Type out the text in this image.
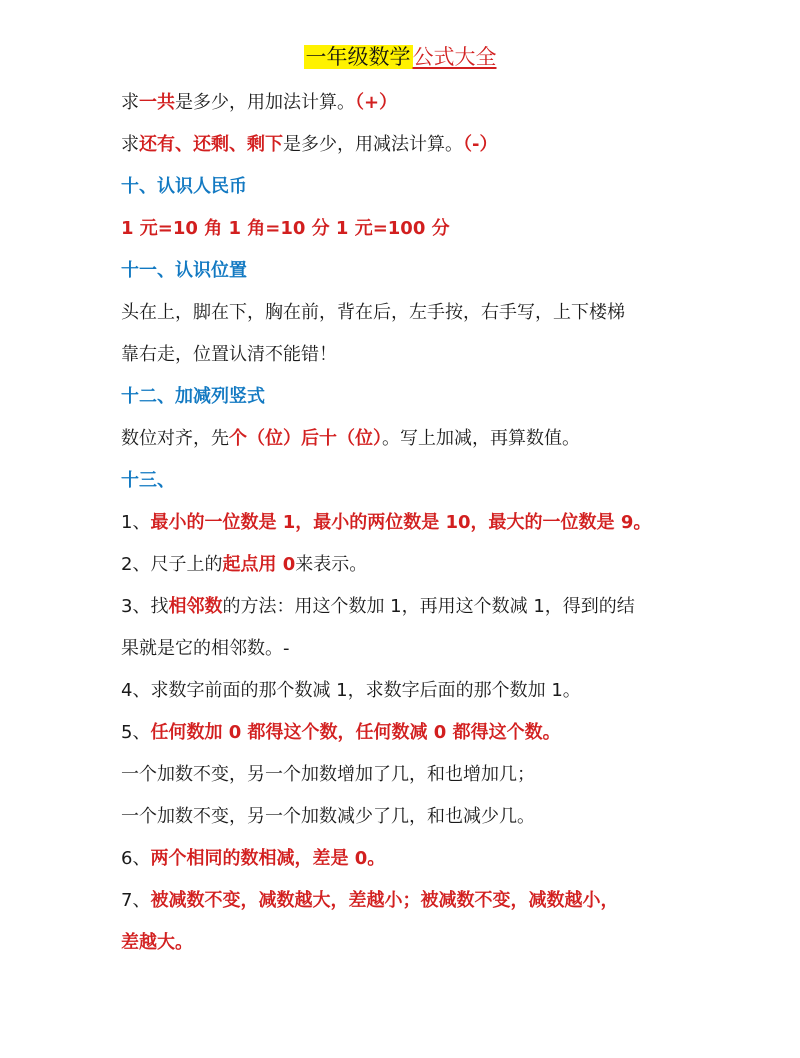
一年级数学公式大全
求一共是多少，用加法计算。（+）
求还有、还剩、剩下是多少，用减法计算。（-）
十、认识人民币
1 元=10 角 1 角=10 分 1 元=100 分
十一、认识位置
头在上，脚在下，胸在前，背在后，左手按，右手写，上下楼梯
靠右走，位置认清不能错！
十二、加减列竖式
数位对齐，先个（位）后十（位）。写上加减，再算数值。
十三、
1、最小的一位数是 1，最小的两位数是 10，最大的一位数是 9。
2、尺子上的起点用 0来表示。
3、找相邻数的方法：用这个数加 1，再用这个数减 1，得到的结
果就是它的相邻数。-
4、求数字前面的那个数减 1，求数字后面的那个数加 1。
5、任何数加 0 都得这个数，任何数减 0 都得这个数。
一个加数不变，另一个加数增加了几，和也增加几；
一个加数不变，另一个加数减少了几，和也减少几。
6、两个相同的数相减，差是 0。
7、被减数不变，减数越大，差越小；被减数不变，减数越小，
差越大。
